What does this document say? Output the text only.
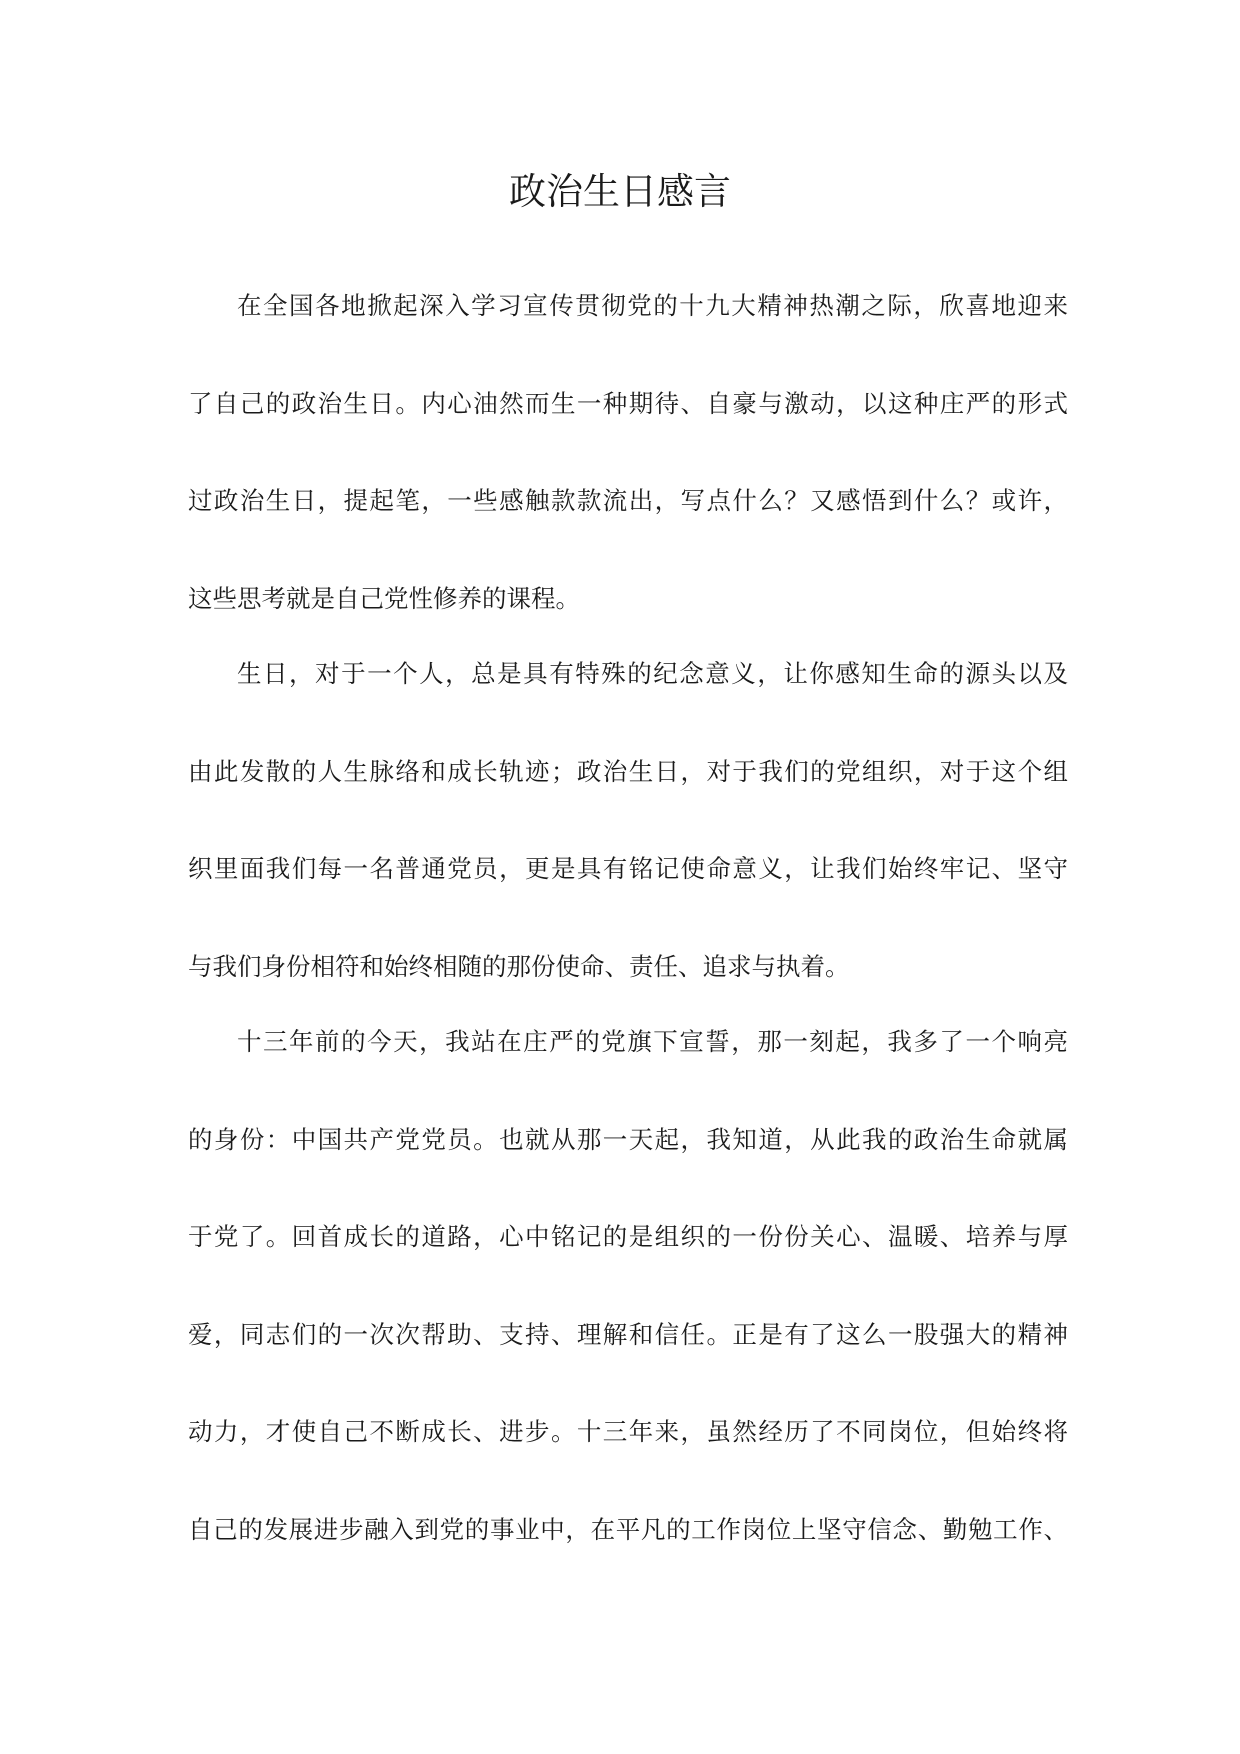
政治生日感言
在全国各地掀起深入学习宣传贯彻党的十九大精神热潮之际，欣喜地迎来
了自己的政治生日。内心油然而生一种期待、自豪与激动，以这种庄严的形式
过政治生日，提起笔，一些感触款款流出，写点什么？又感悟到什么？或许，
这些思考就是自己党性修养的课程。
生日，对于一个人，总是具有特殊的纪念意义，让你感知生命的源头以及
由此发散的人生脉络和成长轨迹；政治生日，对于我们的党组织，对于这个组
织里面我们每一名普通党员，更是具有铭记使命意义，让我们始终牢记、坚守
与我们身份相符和始终相随的那份使命、责任、追求与执着。
十三年前的今天，我站在庄严的党旗下宣誓，那一刻起，我多了一个响亮
的身份：中国共产党党员。也就从那一天起，我知道，从此我的政治生命就属
于党了。回首成长的道路，心中铭记的是组织的一份份关心、温暖、培养与厚
爱，同志们的一次次帮助、支持、理解和信任。正是有了这么一股强大的精神
动力，才使自己不断成长、进步。十三年来，虽然经历了不同岗位，但始终将
自己的发展进步融入到党的事业中，在平凡的工作岗位上坚守信念、勤勉工作、
